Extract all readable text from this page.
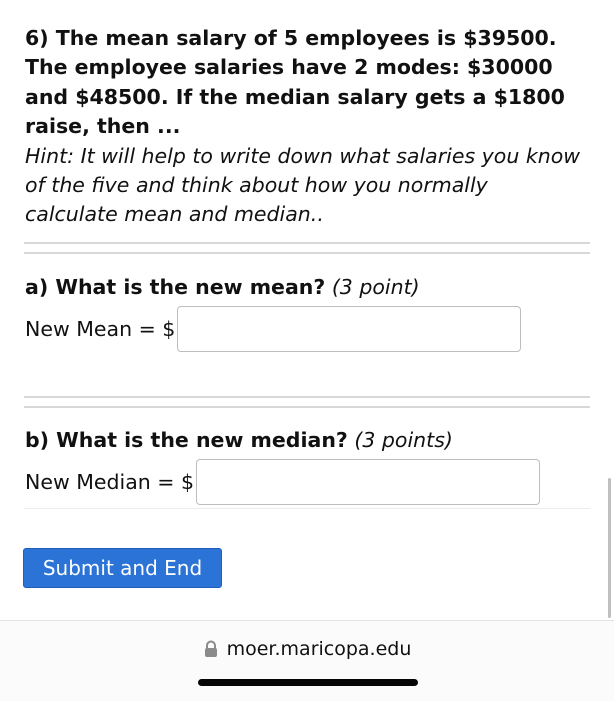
6) The mean salary of 5 employees is $39500. The employee salaries have 2 modes: $30000 and $48500. If the median salary gets a $1800 raise, then ...

Hint: It will help to write down what salaries you know of the five and think about how you normally calculate mean and median..

a) What is the new mean? (3 point)
New Mean = $
b) What is the new median? (3 points)
New Median = $
Submit and End
moer.maricopa.edu
